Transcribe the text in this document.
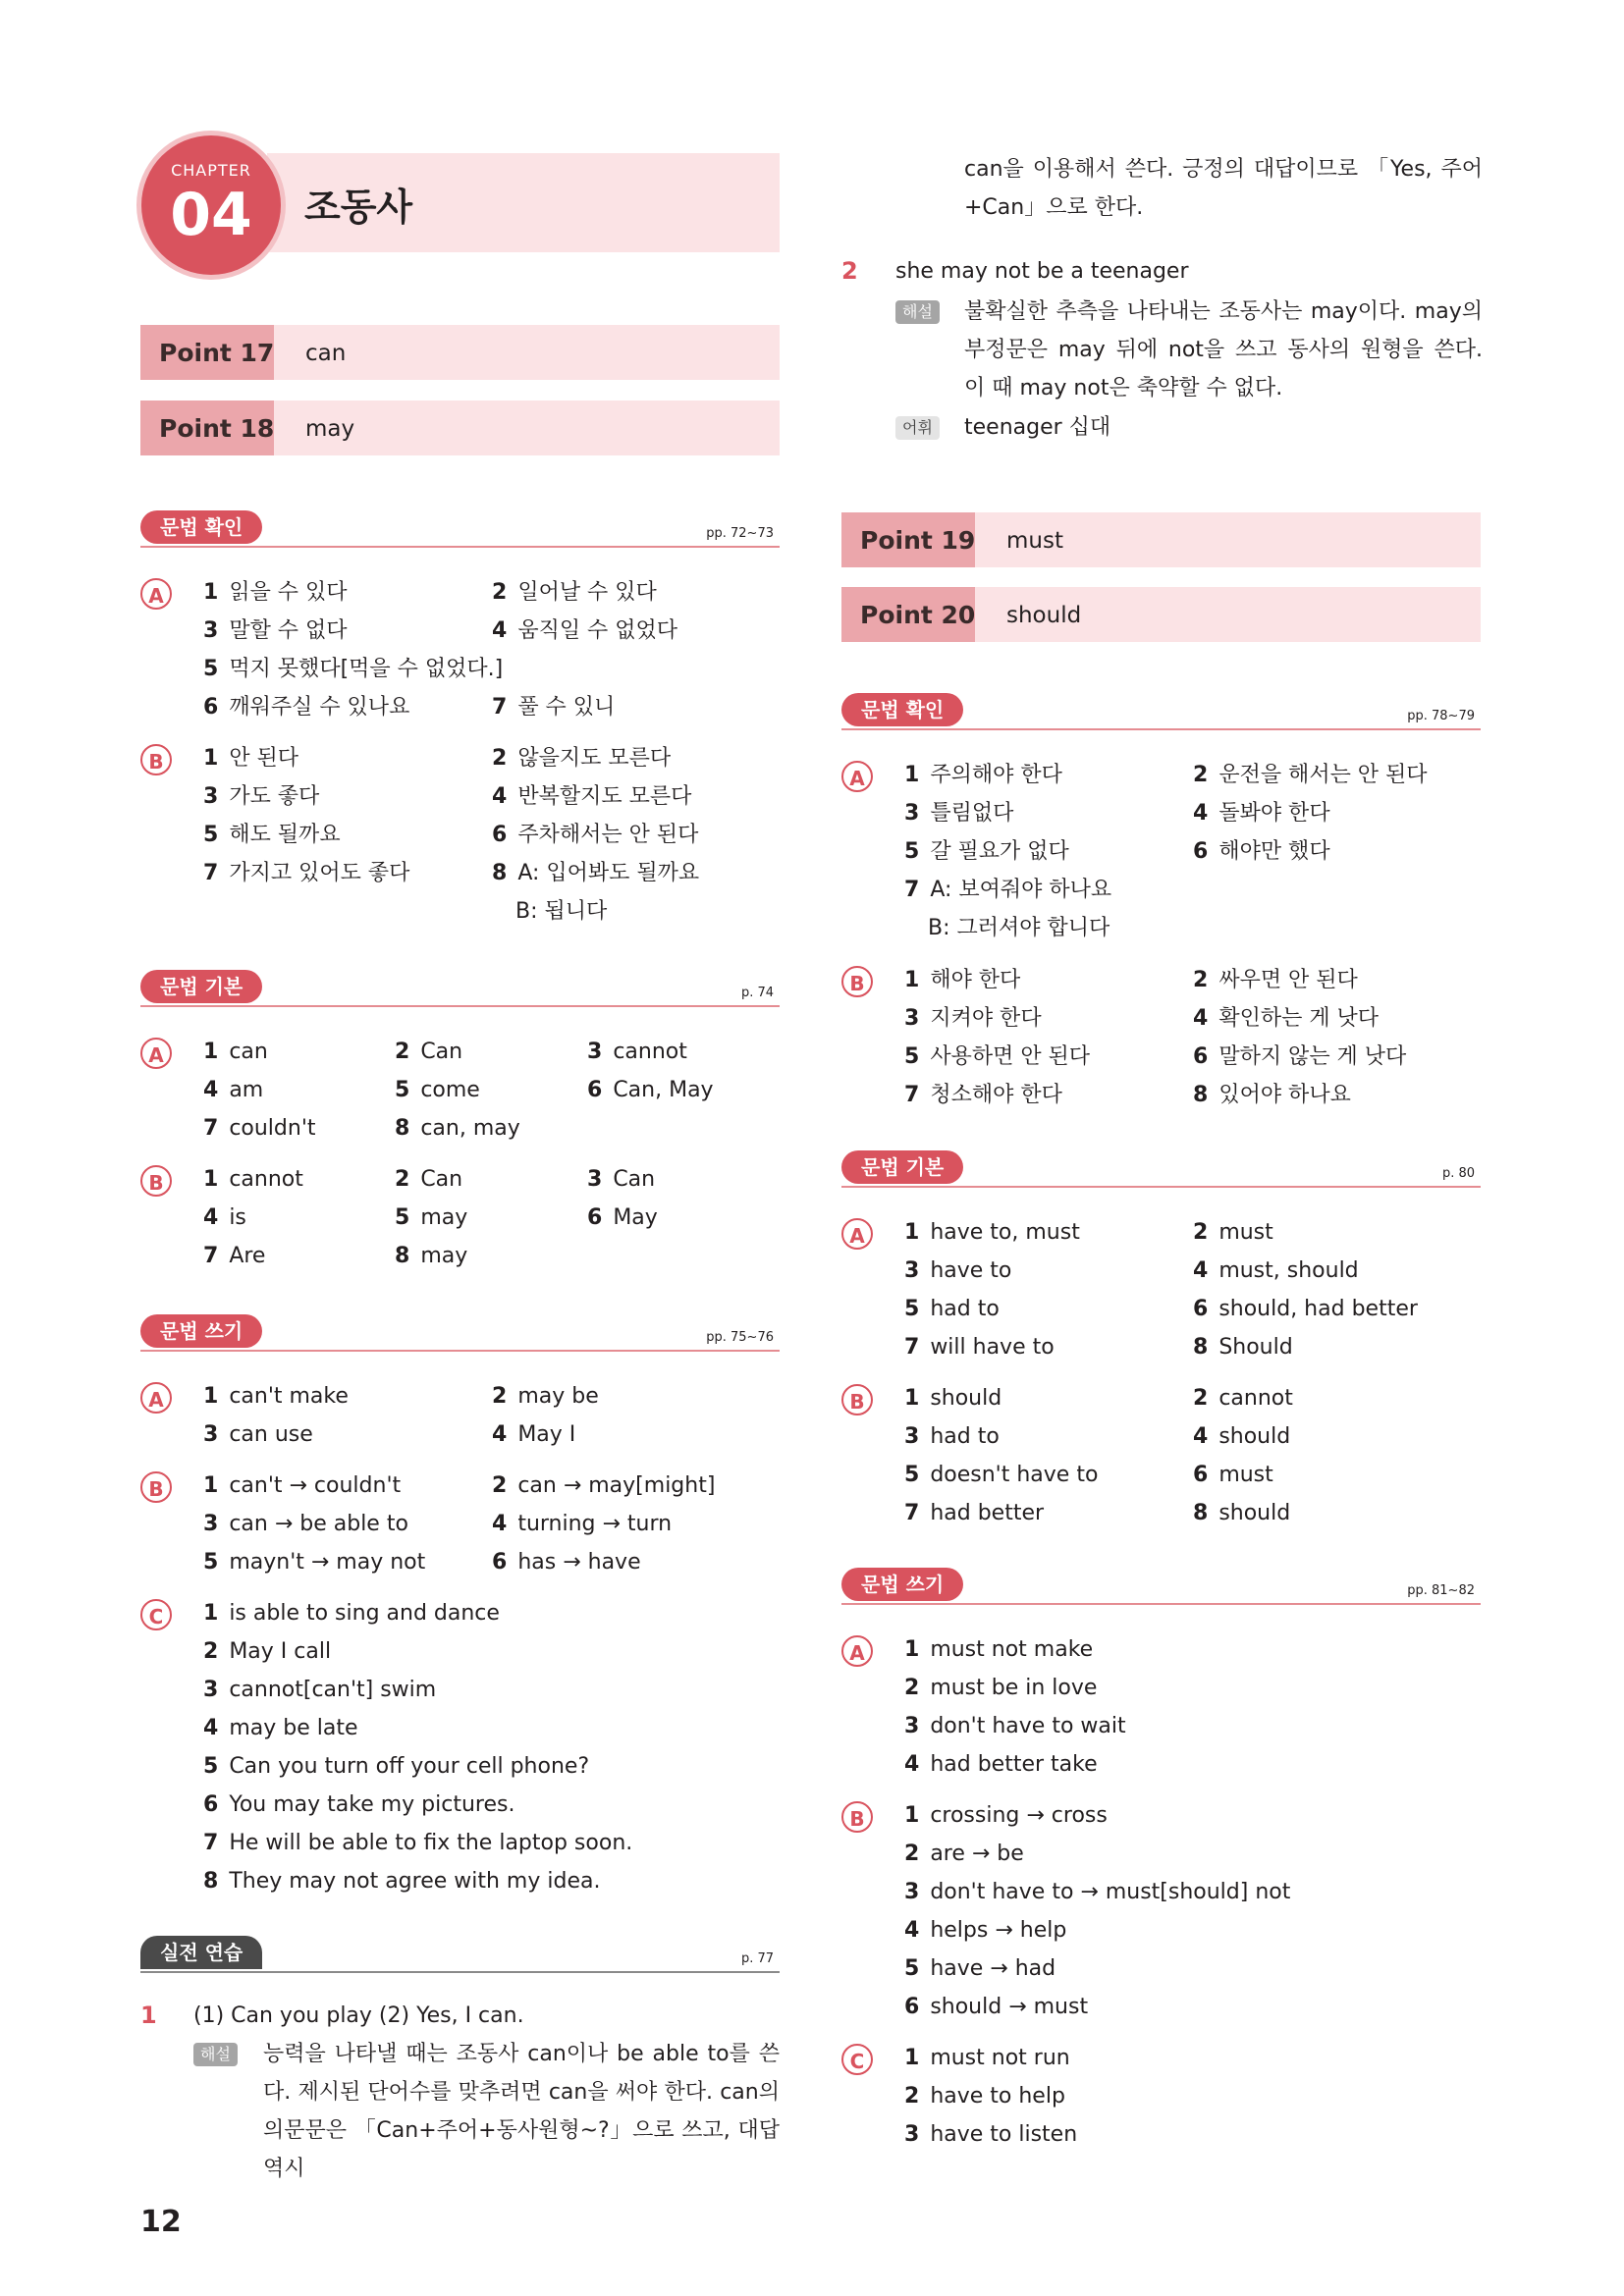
CHAPTER
04	조동사
Point 17 can
Point 18 may
문법 확인	pp. 72~73
A	1 읽을 수 있다	2 일어날 수 있다
3 말할 수 없다	4 움직일 수 없었다
5 먹지 못했다[먹을 수 없었다.]
6 깨워주실 수 있나요	7 풀 수 있니
B	1 안 된다	2 않을지도 모른다
3 가도 좋다	4 반복할지도 모른다
5 해도 될까요	6 주차해서는 안 된다
7 가지고 있어도 좋다	8 A: 입어봐도 될까요
B: 됩니다
문법 기본	p. 74
A	1 can	2 Can	3 cannot
4 am	5 come	6 Can, May
7 couldn't	8 can, may
B	1 cannot	2 Can	3 Can
4 is	5 may	6 May
7 Are	8 may
문법 쓰기	pp. 75~76
A	1 can't make	2 may be
3 can use	4 May I
B	1 can't → couldn't	2 can → may[might]
3 can → be able to	4 turning → turn
5 mayn't → may not	6 has → have
C	1 is able to sing and dance
2 May I call
3 cannot[can't] swim
4 may be late
5 Can you turn off your cell phone?
6 You may take my pictures.
7 He will be able to fix the laptop soon.
8 They may not agree with my idea.
실전 연습	p. 77
1 (1) Can you play (2) Yes, I can.
해설	능력을 나타낼 때는 조동사 can이나 be able to를 쓴다. 제시된 단어수를 맞추려면 can을 써야 한다. can의 의문문은 「Can+주어+동사원형~?」으로 쓰고, 대답 역시
12
can을 이용해서 쓴다. 긍정의 대답이므로 「Yes, 주어+Can」으로 한다.
2 she may not be a teenager
해설	불확실한 추측을 나타내는 조동사는 may이다. may의 부정문은 may 뒤에 not을 쓰고 동사의 원형을 쓴다. 이 때 may not은 축약할 수 없다.
어휘	teenager 십대
Point 19 must
Point 20 should
문법 확인	pp. 78~79
A	1 주의해야 한다	2 운전을 해서는 안 된다
3 틀림없다	4 돌봐야 한다
5 갈 필요가 없다	6 해야만 했다
7 A: 보여줘야 하나요
B: 그러셔야 합니다
B	1 해야 한다	2 싸우면 안 된다
3 지켜야 한다	4 확인하는 게 낫다
5 사용하면 안 된다	6 말하지 않는 게 낫다
7 청소해야 한다	8 있어야 하나요
문법 기본	p. 80
A	1 have to, must	2 must
3 have to	4 must, should
5 had to	6 should, had better
7 will have to	8 Should
B	1 should	2 cannot
3 had to	4 should
5 doesn't have to	6 must
7 had better	8 should
문법 쓰기	pp. 81~82
A	1 must not make
2 must be in love
3 don't have to wait
4 had better take
B	1 crossing → cross
2 are → be
3 don't have to → must[should] not
4 helps → help
5 have → had
6 should → must
C	1 must not run
2 have to help
3 have to listen
